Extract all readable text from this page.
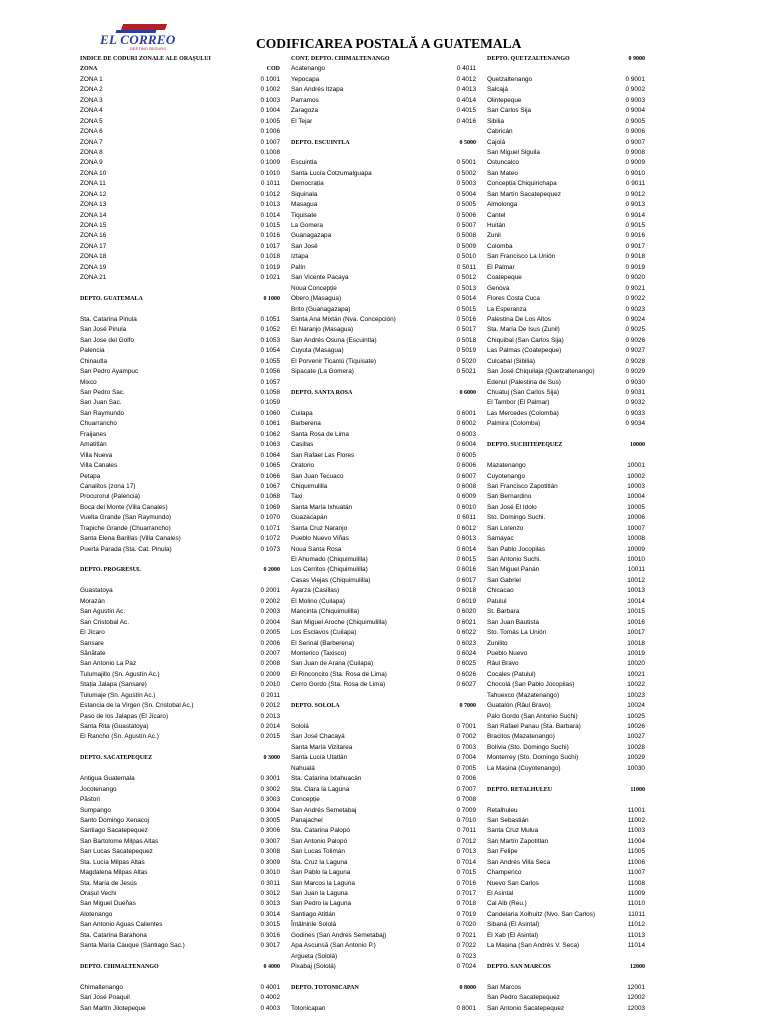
EL CORREO
DESTINO SEGURO	CODIFICAREA POSTALĂ A GUATEMALA
INDICE DE CODURI ZONALE ALE ORAȘULUI
ZONA	COD
ZONA 1	0 1001
ZONA 2	0 1002
ZONA 3	0 1003
ZONA 4	0 1004
ZONA 5	0 1005
ZONA 6	0 1006
ZONA 7	0 1007
ZONA 8	0 1008
ZONA 9	0 1009
ZONA 10	0 1010
ZONA 11	0 1011
ZONA 12	0 1012
ZONA 13	0 1013
ZONA 14	0 1014
ZONA 15	0 1015
ZONA 16	0 1016
ZONA 17	0 1017
ZONA 18	0 1018
ZONA 19	0 1019
ZONA 21	0 1021
DEPTO. GUATEMALA	0 1000
Sta. Catarina Pinula	0 1051
San José Pinula	0 1052
San Jose del Golfo	0 1053
Palencia	0 1054
Chinautla	0 1055
San Pedro Ayampuc	0 1056
Mixco	0 1057
San Pedro Sac.	0 1058
San Juan Sac.	0 1059
San Raymundo	0 1060
Chuarrancho	0 1061
Fraijanes	0 1062
Amatitlán	0 1063
Villa Nueva	0 1064
Villa Canales	0 1065
Petapa	0 1066
Canalitos (zona 17)	0 1067
Procurorul (Palencia)	0 1068
Boca del Monte (Villa Canales)	0 1069
Vuelta Grande (San Raymundo)	0 1070
Trapiche Grande (Chuarrancho)	0 1071
Santa Elena Barillas (Villa Canales)	0 1072
Puerta Parada (Sta. Cat. Pinula)	0 1073
DEPTO. PROGRESUL	0 2000
Guastatoya	0 2001
Morazán	0 2002
San Agustín Ac.	0 2003
San Cristobal Ac.	0 2004
El Jícaro	0 2005
Sansare	0 2006
Sănătate	0 2007
San Antonio La Paz	0 2008
Tulumajillo (Sn. Agustín Ac.)	0 2009
Stația Jalapa (Sansare)	0 2010
Tulumaje (Sn. Agustín Ac.)	0 2011
Estancia de la Virgen (Sn. Cristobal Ac.)	0 2012
Paso de los Jalapas (El Jícaro)	0 2013
Santa Rita (Guastatoya)	0 2014
El Rancho (Sn. Agustín Ac.)	0 2015
DEPTO. SACATEPEQUEZ	0 3000
Antigua Guatemala	0 3001
Jocotenango	0 3002
Păstori	0 3003
Sumpango	0 3004
Santo Domingo Xenacoj	0 3005
Santiago Sacatepequez	0 3006
San Bartolome Milpas Altas	0 3007
San Lucas Sacatepequez	0 3008
Sta. Lucía Milpas Altas	0 3009
Magdalena Milpas Altas	0 3010
Sta. María de Jesús	0 3011
Orașul Vechi	0 3012
San Miguel Dueñas	0 3013
Alotenango	0 3014
San Antonio Aguas Calientes	0 3015
Sta. Catarina Barahona	0 3016
Santa María Cauque (Santiago Sac.)	0 3017
DEPTO. CHIMALTENANGO	0 4000
Chimaltenango	0 4001
San José Poaquil	0 4002
San Martín Jilotepeque	0 4003
CONT. DEPTO. CHIMALTENANGO
Acatenango	0 4011
Yepocapa	0 4012
San Andrés Itzapa	0 4013
Parramos	0 4014
Zaragoza	0 4015
El Tejar	0 4016
DEPTO. ESCUINTLA	0 5000
Escuintla	0 5001
Santa Lucía Cotzumalguapa	0 5002
Democrația	0 5003
Siquinala	0 5004
Masagua	0 5005
Tiquisate	0 5006
La Gomera	0 5007
Guanagazapa	0 5008
San José	0 5009
Iztapa	0 5010
Palín	0 5011
San Vicente Pacaya	0 5012
Noua Concepție	0 5013
Obero (Masagua)	0 5014
Brito (Guanagazapa)	0 5015
Santa Ana Mixtán (Nva. Concepción)	0 5016
El Naranjo (Masagua)	0 5017
San Andrés Osuna (Escuintla)	0 5018
Cuyuta (Masagua)	0 5019
El Porvenir Ticanlú (Tiquisate)	0 5020
Sipacate (La Gomera)	0 5021
DEPTO. SANTA ROSA	0 6000
Cuilapa	0 6001
Barberena	0 6002
Santa Rosa de Lima	0 6003
Casillas	0 6004
San Rafael Las Flores	0 6005
Oratorio	0 6006
San Juan Tecuaco	0 6007
Chiquimulilla	0 6008
Taxi	0 6009
Santa María Ixhuatán	0 6010
Guazacapán	0 6011
Santa Cruz Naranjo	0 6012
Pueblo Nuevo Viñas	0 6013
Noua Santa Rosa	0 6014
El Ahumado (Chiquimulilla)	0 6015
Los Cerritos (Chiquimulilla)	0 6016
Casas Viejas (Chiquimulilla)	0 6017
Ayarza (Casillas)	0 6018
El Molino (Cuilapa)	0 6019
Mancinta (Chiquimulilla)	0 6020
San Miguel Aroche (Chiquimulilla)	0 6021
Los Esclavos (Cuilapa)	0 6022
El Serinal (Barberena)	0 6023
Monterico (Taxisco)	0 6024
San Juan de Arana (Cuilapa)	0 6025
El Rinconcito (Sta. Rosa de Lima)	0 6026
Cerro Gordo (Sta. Rosa de Lima)	0 6027
DEPTO. SOLOLA	0 7000
Sololá	0 7001
San José Chacayá	0 7002
Santa María Vizitarea	0 7003
Santa Lucía Utatlán	0 7004
Nahualá	0 7005
Sta. Catarina Ixtahuacán	0 7006
Sta. Clara la Laguna	0 7007
Concepție	0 7008
San Andrés Semetabaj	0 7009
Panajachel	0 7010
Sta. Catarina Palopó	0 7011
San Antonio Palopó	0 7012
San Lucas Tolimán	0 7013
Sta. Cruz la Laguna	0 7014
San Pablo la Laguna	0 7015
San Marcos la Laguna	0 7016
San Juan la Laguna	0 7017
San Pedro la Laguna	0 7018
Santiago Atitlán	0 7019
Întâlnirile Sololá	0 7020
Godines (San Andres Semetabaj)	0 7021
Apa Ascunsă (San Antonio P.)	0 7022
Argueta (Sololá)	0 7023
Pixabaj (Sololá)	0 7024
DEPTO. TOTONICAPAN	0 8000
Totonicapan	0 8001
DEPTO. QUETZALTENANGO	0 9000
Quetzaltenango	0 9001
Salcajá	0 9002
Olintepeque	0 9003
San Carlos Sija	0 9004
Sibilia	0 9005
Cabricán	0 9006
Cajolá	0 9007
San Miguel Siguila	0 9008
Ostuncalco	0 9009
San Mateo	0 9010
Concepția Chiquirichapa	0 9011
San Martín Sacatepequez	0 9012
Almolonga	0 9013
Cantel	0 9014
Huitán	0 9015
Zunil	0 9016
Colomba	0 9017
San Francisco La Unión	0 9018
El Palmar	0 9019
Coatepeque	0 9020
Genova	0 9021
Flores Costa Cuca	0 9022
La Esperanza	0 9023
Palestina De Los Altos	0 9024
Sta. María De Isus (Zunil)	0 9025
Chiquibal (San Carlos Sija)	0 9026
Las Palmas (Coatepeque)	0 9027
Culcabal (Sibilia)	0 9028
San José Chiquilaja (Quetzaltenango)	0 9029
Edenul (Palestina de Sus)	0 9030
Chuatuj (San Carlos Sija)	0 9031
El Tambor (El Palmar)	0 9032
Las Mercedes (Colomba)	0 9033
Palmira (Colomba)	0 9034
DEPTO. SUCHITEPEQUEZ	10000
Mazatenango	10001
Cuyotenango	10002
San Francisco Zapotitlán	10003
San Bernardino	10004
San José El Idolo	10005
Sto. Domingo Suchi.	10006
San Lorenzo	10007
Samayac	10008
San Pablo Jocopilas	10009
San Antonio Suchi.	10010
San Miguel Panán	10011
San Gabriel	10012
Chicacao	10013
Patulul	10014
St. Barbara	10015
San Juan Bautista	10016
Sto. Tomás La Unión	10017
Zunilito	10018
Pueblo Nuevo	10019
Râul Bravo	10020
Cocales (Patulul)	10021
Chocolá (San Pablo Jocopilas)	10022
Tahuexco (Mazatenango)	10023
Guatalón (Râul Bravo)	10024
Palo Gordo (San Antonio Suchi)	10025
San Rafael Panau (Sta. Barbara)	10026
Bracitos (Mazatenango)	10027
Bolívia (Sto. Domingo Suchi)	10028
Monterrey (Sto. Domingo Suchi)	10029
La Mașina (Cuyotenango)	10030
DEPTO. RETALHULEU	11000
Retalhuleu	11001
San Sebastián	11002
Santa Cruz Mulua	11003
San Martín Zapotitlan	11004
San Felipe	11005
San Andrés Villa Seca	11006
Champerico	11007
Nuevo San Carlos	11008
El Asintal	11009
Cal Alb (Reu.)	11010
Candelaria Xolhuitz (Nvo. San Carlos)	11011
Sibaná (El Asintal)	11012
El Xab (El Asintal)	11013
La Mașina (San Andrés V. Seca)	11014
DEPTO. SAN MARCOS	12000
San Marcos	12001
San Pedro Sacatepequez	12002
San Antonio Sacatepequez	12003
